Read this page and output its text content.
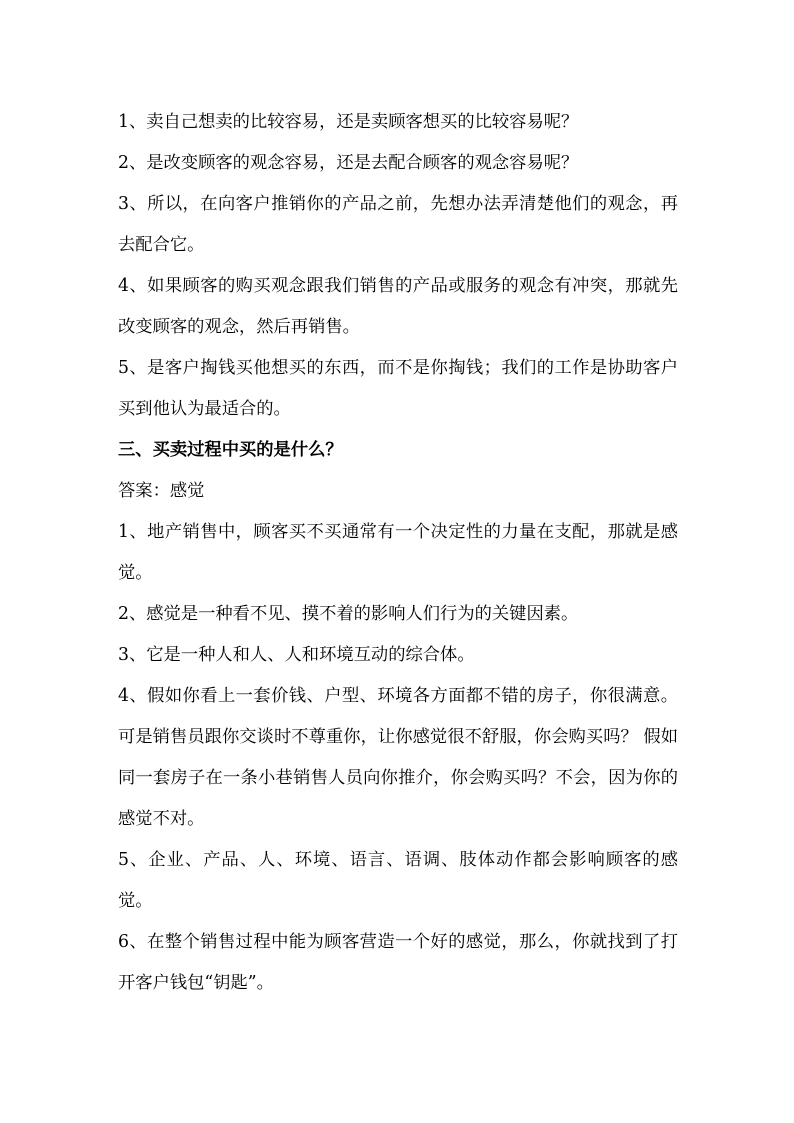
1、卖自己想卖的比较容易，还是卖顾客想买的比较容易呢？

2、是改变顾客的观念容易，还是去配合顾客的观念容易呢？

3、所以，在向客户推销你的产品之前，先想办法弄清楚他们的观念，再去配合它。

4、如果顾客的购买观念跟我们销售的产品或服务的观念有冲突，那就先改变顾客的观念，然后再销售。

5、是客户掏钱买他想买的东西，而不是你掏钱；我们的工作是协助客户买到他认为最适合的。

三、买卖过程中买的是什么？

答案：感觉

1、地产销售中，顾客买不买通常有一个决定性的力量在支配，那就是感觉。

2、感觉是一种看不见、摸不着的影响人们行为的关键因素。

3、它是一种人和人、人和环境互动的综合体。

4、假如你看上一套价钱、户型、环境各方面都不错的房子，你很满意。可是销售员跟你交谈时不尊重你，让你感觉很不舒服，你会购买吗？ 假如同一套房子在一条小巷销售人员向你推介，你会购买吗？不会，因为你的感觉不对。

5、企业、产品、人、环境、语言、语调、肢体动作都会影响顾客的感觉。

6、在整个销售过程中能为顾客营造一个好的感觉，那么，你就找到了打开客户钱包“钥匙”。
